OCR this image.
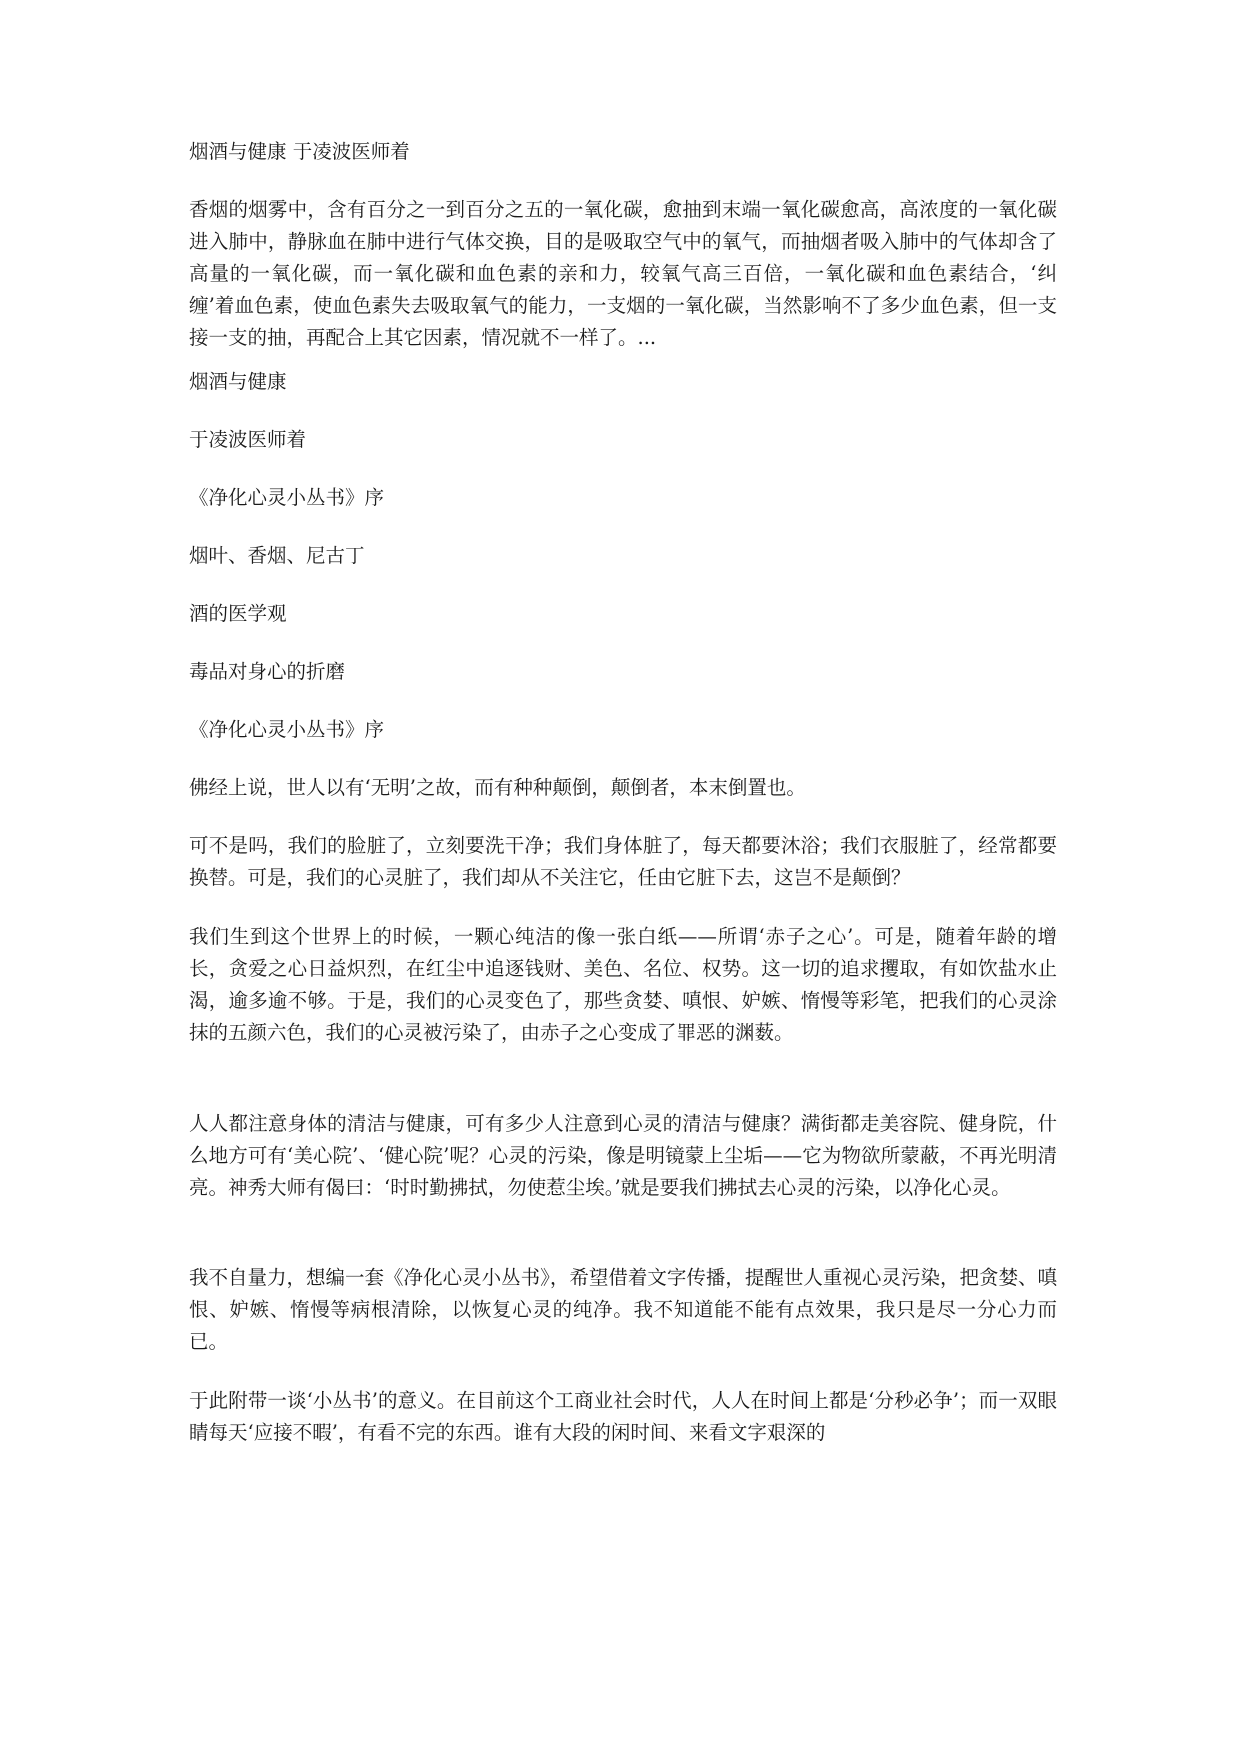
烟酒与健康 于凌波医师着

香烟的烟雾中，含有百分之一到百分之五的一氧化碳，愈抽到末端一氧化碳愈高，高浓度的一氧化碳进入肺中，静脉血在肺中进行气体交换，目的是吸取空气中的氧气，而抽烟者吸入肺中的气体却含了高量的一氧化碳，而一氧化碳和血色素的亲和力，较氧气高三百倍，一氧化碳和血色素结合，‘纠缠’着血色素，使血色素失去吸取氧气的能力，一支烟的一氧化碳，当然影响不了多少血色素，但一支接一支的抽，再配合上其它因素，情况就不一样了。...

烟酒与健康

于凌波医师着

《净化心灵小丛书》序

烟叶、香烟、尼古丁

酒的医学观

毒品对身心的折磨

《净化心灵小丛书》序

佛经上说，世人以有‘无明’之故，而有种种颠倒，颠倒者，本末倒置也。

可不是吗，我们的脸脏了，立刻要洗干净；我们身体脏了，每天都要沐浴；我们衣服脏了，经常都要换替。可是，我们的心灵脏了，我们却从不关注它，任由它脏下去，这岂不是颠倒？

我们生到这个世界上的时候，一颗心纯洁的像一张白纸——所谓‘赤子之心’。可是，随着年龄的增长，贪爱之心日益炽烈，在红尘中追逐钱财、美色、名位、权势。这一切的追求攫取，有如饮盐水止渴，逾多逾不够。于是，我们的心灵变色了，那些贪婪、嗔恨、妒嫉、惰慢等彩笔，把我们的心灵涂抹的五颜六色，我们的心灵被污染了，由赤子之心变成了罪恶的渊薮。

人人都注意身体的清洁与健康，可有多少人注意到心灵的清洁与健康？满街都走美容院、健身院，什么地方可有‘美心院’、‘健心院’呢？心灵的污染，像是明镜蒙上尘垢——它为物欲所蒙蔽，不再光明清亮。神秀大师有偈曰：‘时时勤拂拭，勿使惹尘埃。’就是要我们拂拭去心灵的污染，以净化心灵。

我不自量力，想编一套《净化心灵小丛书》，希望借着文字传播，提醒世人重视心灵污染，把贪婪、嗔恨、妒嫉、惰慢等病根清除，以恢复心灵的纯净。我不知道能不能有点效果，我只是尽一分心力而已。

于此附带一谈‘小丛书’的意义。在目前这个工商业社会时代，人人在时间上都是‘分秒必争’；而一双眼睛每天‘应接不暇’，有看不完的东西。谁有大段的闲时间、来看文字艰深的
